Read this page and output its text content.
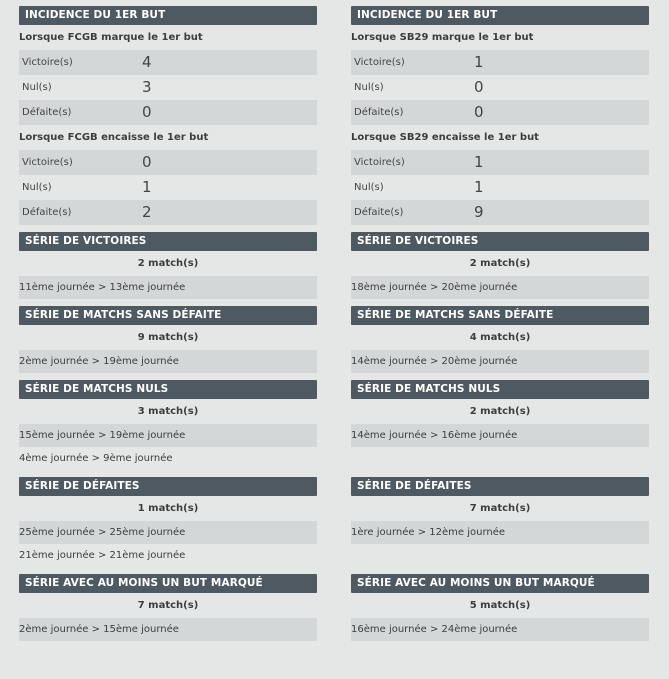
INCIDENCE DU 1ER BUT
Lorsque FCGB marque le 1er but
Victoire(s)	4
Nul(s)	3
Défaite(s)	0
Lorsque FCGB encaisse le 1er but
Victoire(s)	0
Nul(s)	1
Défaite(s)	2
SÉRIE DE VICTOIRES
2 match(s)
11ème journée > 13ème journée
SÉRIE DE MATCHS SANS DÉFAITE
9 match(s)
2ème journée > 19ème journée
SÉRIE DE MATCHS NULS
3 match(s)
15ème journée > 19ème journée
4ème journée > 9ème journée
SÉRIE DE DÉFAITES
1 match(s)
25ème journée > 25ème journée
21ème journée > 21ème journée
SÉRIE AVEC AU MOINS UN BUT MARQUÉ
7 match(s)
2ème journée > 15ème journée
INCIDENCE DU 1ER BUT
Lorsque SB29 marque le 1er but
Victoire(s)	1
Nul(s)	0
Défaite(s)	0
Lorsque SB29 encaisse le 1er but
Victoire(s)	1
Nul(s)	1
Défaite(s)	9
SÉRIE DE VICTOIRES
2 match(s)
18ème journée > 20ème journée
SÉRIE DE MATCHS SANS DÉFAITE
4 match(s)
14ème journée > 20ème journée
SÉRIE DE MATCHS NULS
2 match(s)
14ème journée > 16ème journée
SÉRIE DE DÉFAITES
7 match(s)
1ère journée > 12ème journée
SÉRIE AVEC AU MOINS UN BUT MARQUÉ
5 match(s)
16ème journée > 24ème journée
